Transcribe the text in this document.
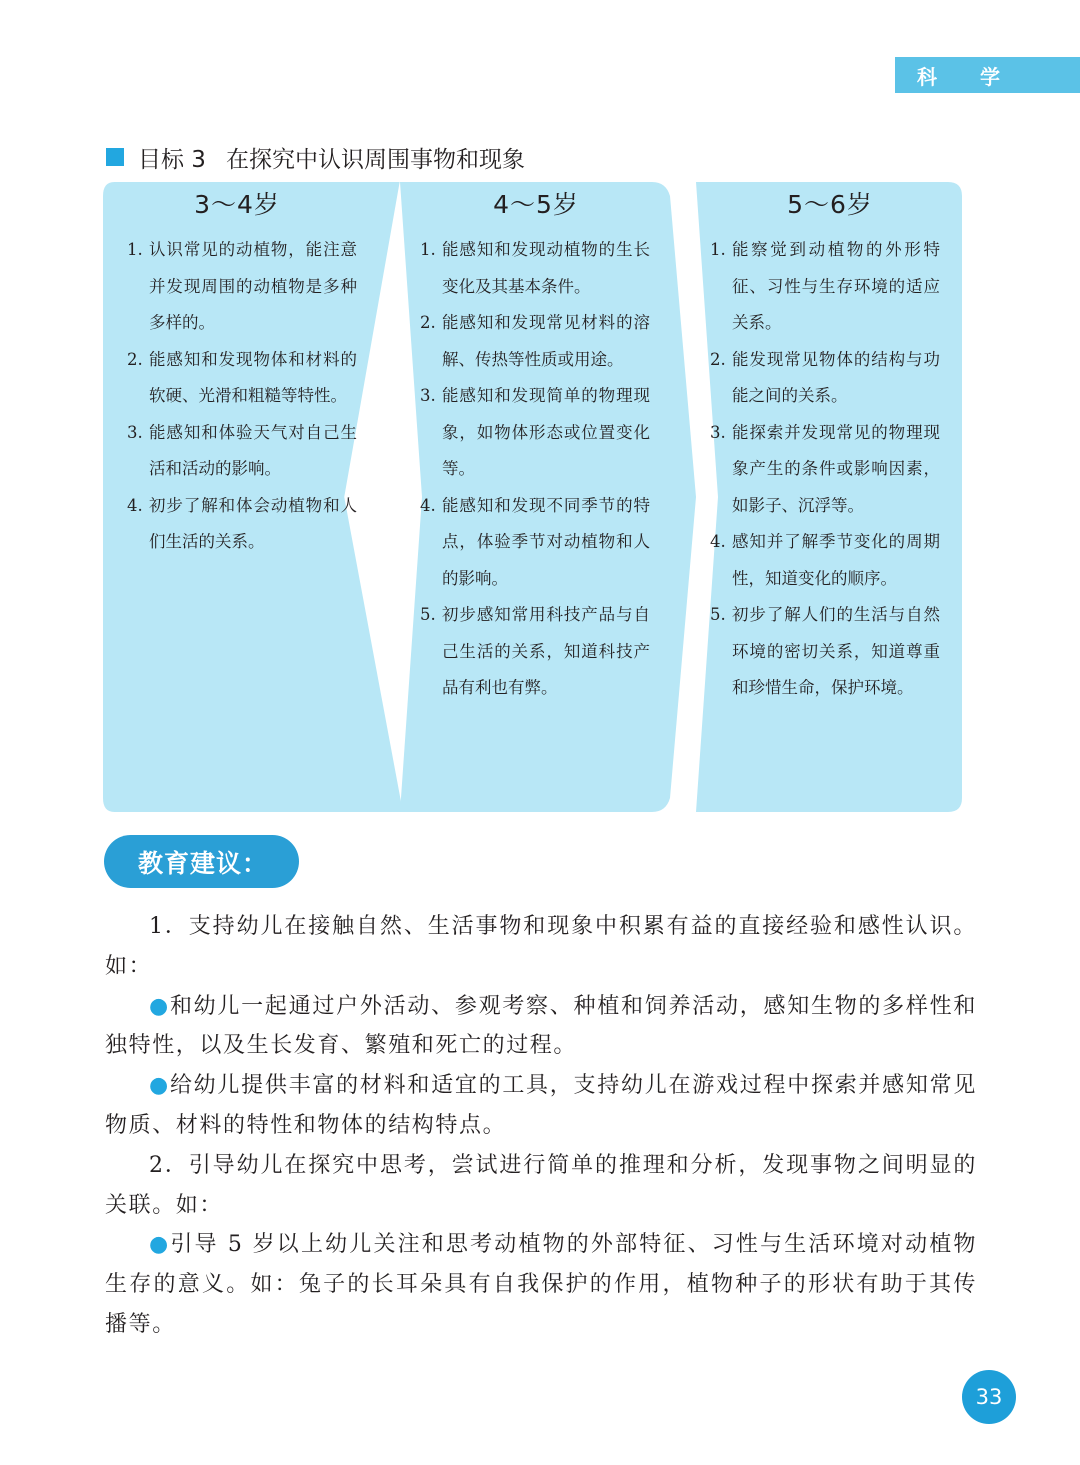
科 学
目标 3 在探究中认识周围事物和现象
3～4岁
1. 认识常见的动植物，能注意并发现周围的动植物是多种多样的。
2. 能感知和发现物体和材料的软硬、光滑和粗糙等特性。
3. 能感知和体验天气对自己生活和活动的影响。
4. 初步了解和体会动植物和人们生活的关系。
4～5岁
1. 能感知和发现动植物的生长变化及其基本条件。
2. 能感知和发现常见材料的溶解、传热等性质或用途。
3. 能感知和发现简单的物理现象，如物体形态或位置变化等。
4. 能感知和发现不同季节的特点，体验季节对动植物和人的影响。
5. 初步感知常用科技产品与自己生活的关系，知道科技产品有利也有弊。
5～6岁
1. 能察觉到动植物的外形特征、习性与生存环境的适应关系。
2. 能发现常见物体的结构与功能之间的关系。
3. 能探索并发现常见的物理现象产生的条件或影响因素，如影子、沉浮等。
4. 感知并了解季节变化的周期性，知道变化的顺序。
5. 初步了解人们的生活与自然环境的密切关系，知道尊重和珍惜生命，保护环境。
教育建议：

1．支持幼儿在接触自然、生活事物和现象中积累有益的直接经验和感性认识。如：

●和幼儿一起通过户外活动、参观考察、种植和饲养活动，感知生物的多样性和独特性，以及生长发育、繁殖和死亡的过程。

●给幼儿提供丰富的材料和适宜的工具，支持幼儿在游戏过程中探索并感知常见物质、材料的特性和物体的结构特点。

2．引导幼儿在探究中思考，尝试进行简单的推理和分析，发现事物之间明显的关联。如：

●引导 5 岁以上幼儿关注和思考动植物的外部特征、习性与生活环境对动植物生存的意义。如：兔子的长耳朵具有自我保护的作用，植物种子的形状有助于其传播等。

33
